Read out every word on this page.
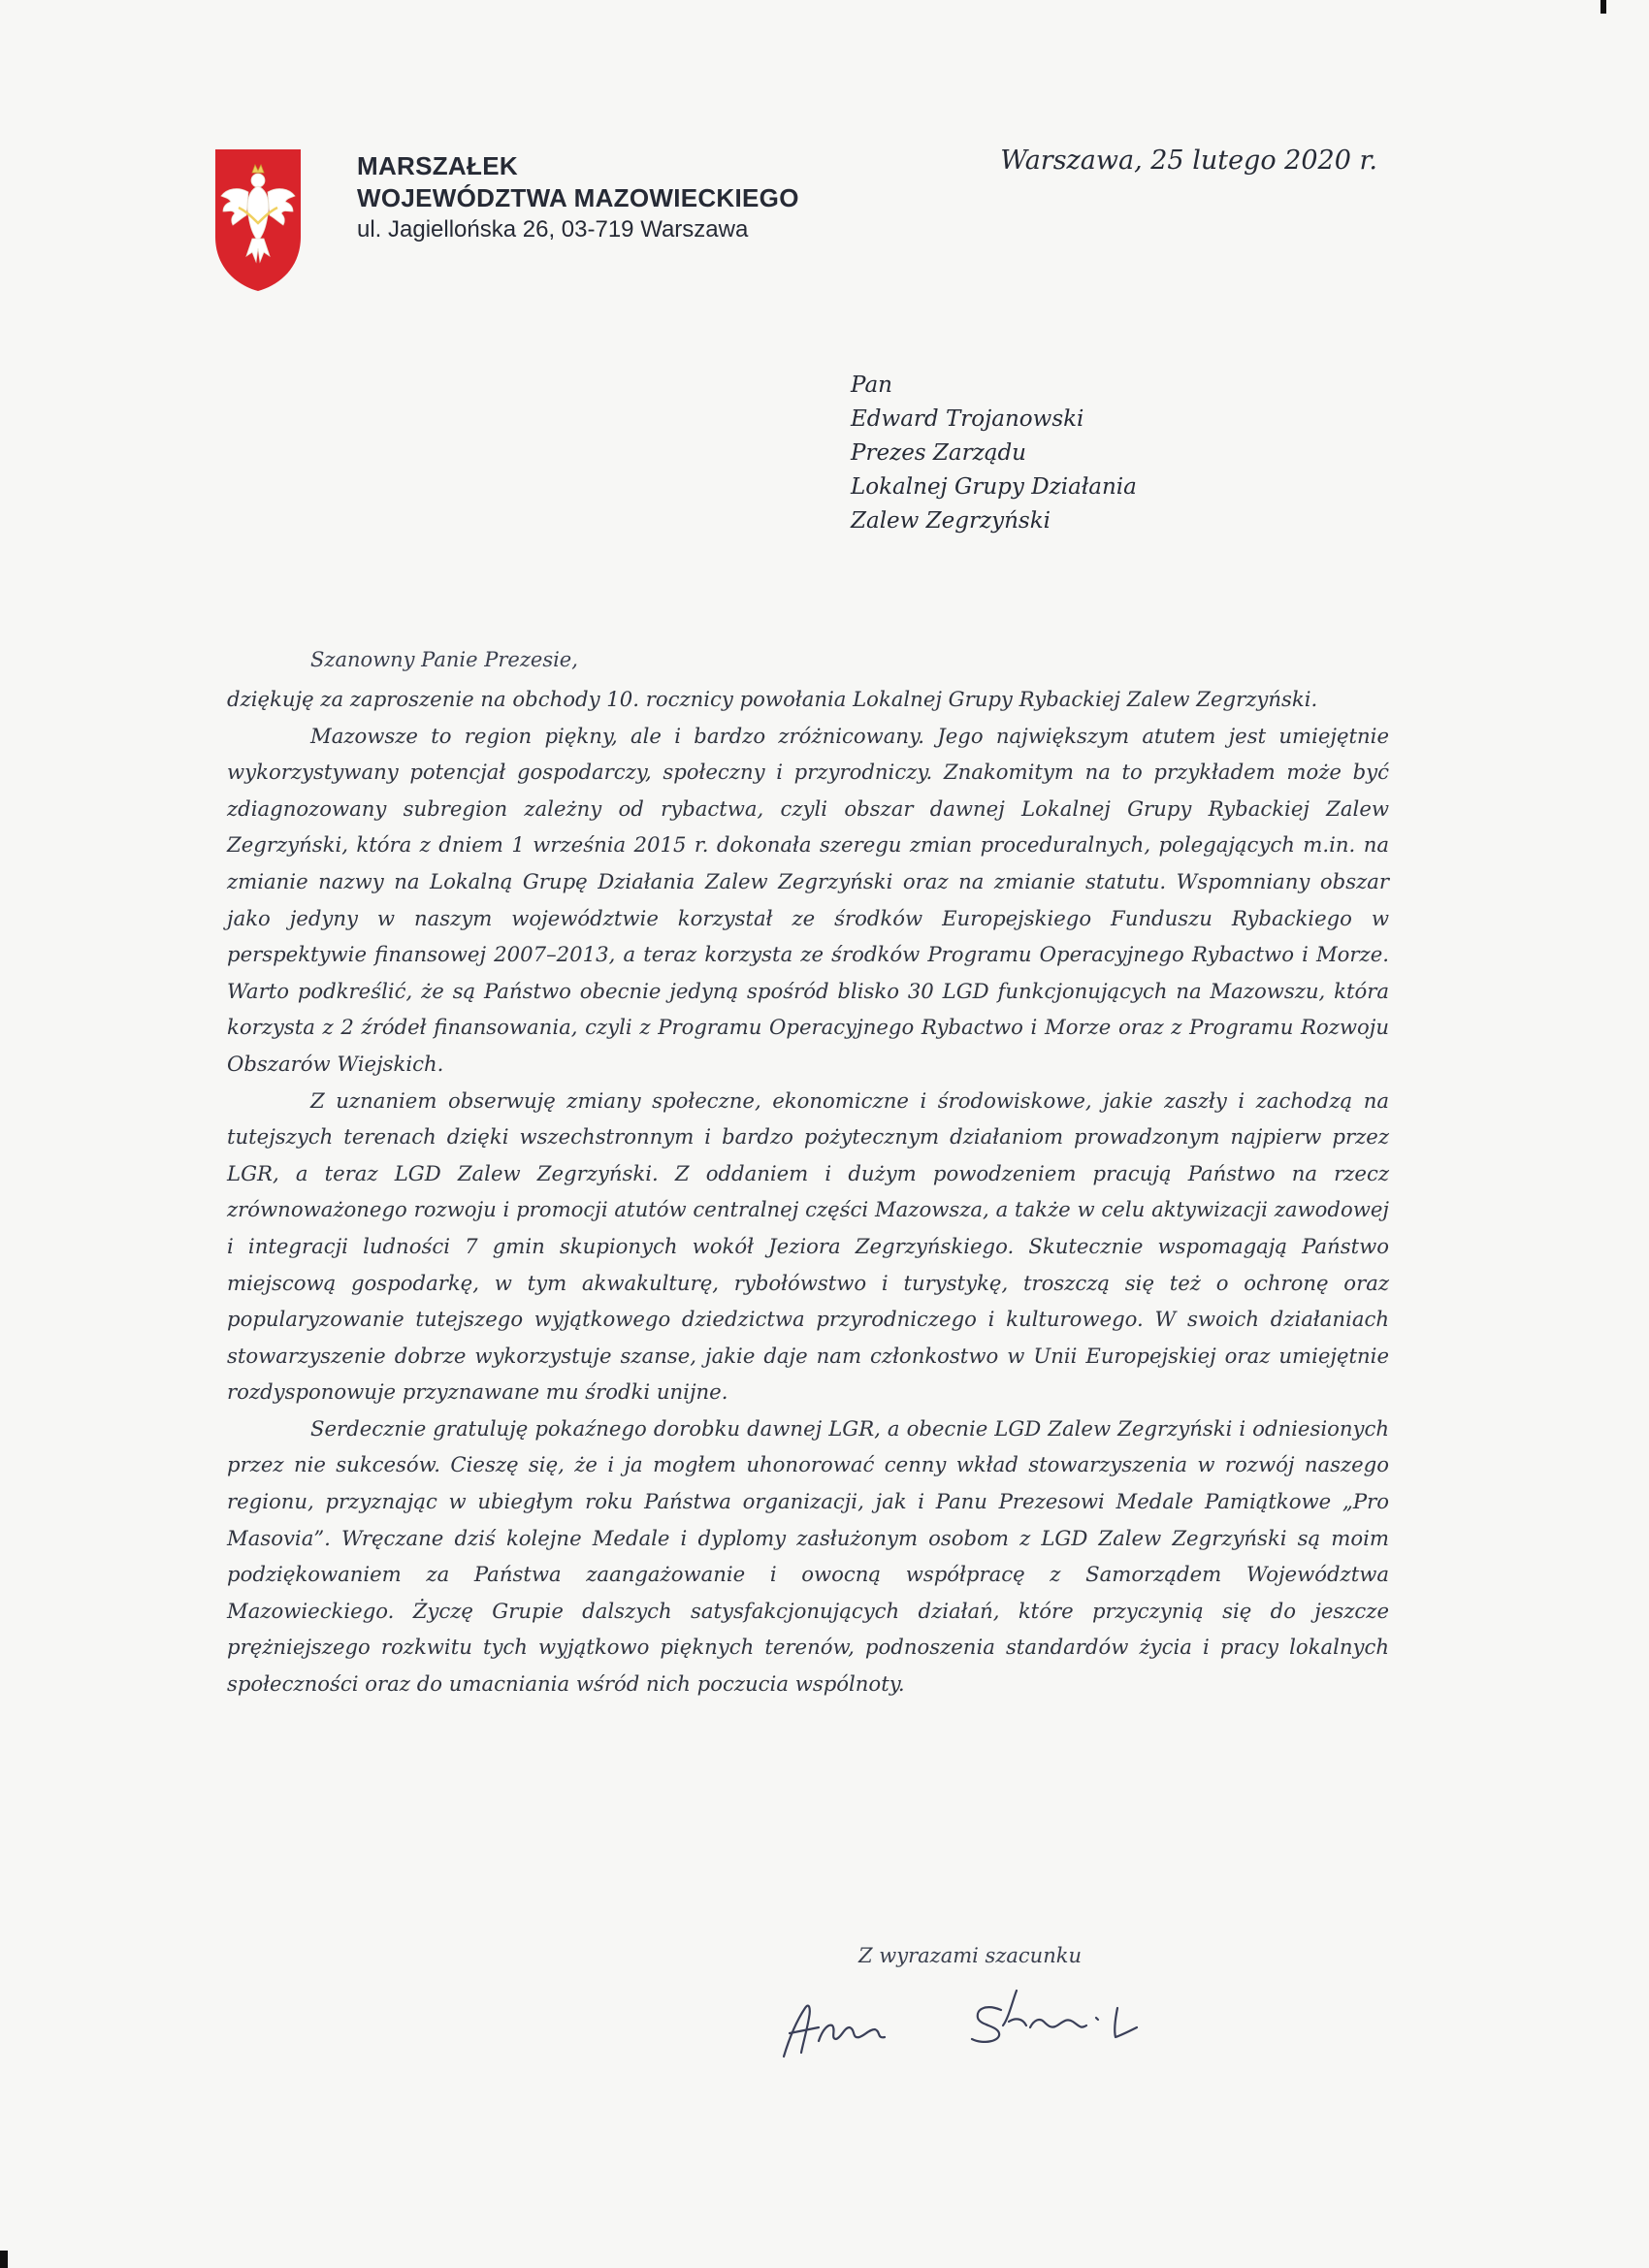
MARSZAŁEK
WOJEWÓDZTWA MAZOWIECKIEGO
ul. Jagiellońska 26, 03-719 Warszawa
Warszawa, 25 lutego 2020 r.
Pan
Edward Trojanowski
Prezes Zarządu
Lokalnej Grupy Działania
Zalew Zegrzyński
Szanowny Panie Prezesie,

dziękuję za zaproszenie na obchody 10. rocznicy powołania Lokalnej Grupy Rybackiej Zalew Zegrzyński.

Mazowsze to region piękny, ale i bardzo zróżnicowany. Jego największym atutem jest umiejętnie wykorzystywany potencjał gospodarczy, społeczny i przyrodniczy. Znakomitym na to przykładem może być zdiagnozowany subregion zależny od rybactwa, czyli obszar dawnej Lokalnej Grupy Rybackiej Zalew Zegrzyński, która z dniem 1 września 2015 r. dokonała szeregu zmian proceduralnych, polegających m.in. na zmianie nazwy na Lokalną Grupę Działania Zalew Zegrzyński oraz na zmianie statutu. Wspomniany obszar jako jedyny w naszym województwie korzystał ze środków Europejskiego Funduszu Rybackiego w perspektywie finansowej 2007–2013, a teraz korzysta ze środków Programu Operacyjnego Rybactwo i Morze. Warto podkreślić, że są Państwo obecnie jedyną spośród blisko 30 LGD funkcjonujących na Mazowszu, która korzysta z 2 źródeł finansowania, czyli z Programu Operacyjnego Rybactwo i Morze oraz z Programu Rozwoju Obszarów Wiejskich.

Z uznaniem obserwuję zmiany społeczne, ekonomiczne i środowiskowe, jakie zaszły i zachodzą na tutejszych terenach dzięki wszechstronnym i bardzo pożytecznym działaniom prowadzonym najpierw przez LGR, a teraz LGD Zalew Zegrzyński. Z oddaniem i dużym powodzeniem pracują Państwo na rzecz zrównoważonego rozwoju i promocji atutów centralnej części Mazowsza, a także w celu aktywizacji zawodowej i integracji ludności 7 gmin skupionych wokół Jeziora Zegrzyńskiego. Skutecznie wspomagają Państwo miejscową gospodarkę, w tym akwakulturę, rybołówstwo i turystykę, troszczą się też o ochronę oraz popularyzowanie tutejszego wyjątkowego dziedzictwa przyrodniczego i kulturowego. W swoich działaniach stowarzyszenie dobrze wykorzystuje szanse, jakie daje nam członkostwo w Unii Europejskiej oraz umiejętnie rozdysponowuje przyznawane mu środki unijne.

Serdecznie gratuluję pokaźnego dorobku dawnej LGR, a obecnie LGD Zalew Zegrzyński i odniesionych przez nie sukcesów. Cieszę się, że i ja mogłem uhonorować cenny wkład stowarzyszenia w rozwój naszego regionu, przyznając w ubiegłym roku Państwa organizacji, jak i Panu Prezesowi Medale Pamiątkowe „Pro Masovia”. Wręczane dziś kolejne Medale i dyplomy zasłużonym osobom z LGD Zalew Zegrzyński są moim podziękowaniem za Państwa zaangażowanie i owocną współpracę z Samorządem Województwa Mazowieckiego. Życzę Grupie dalszych satysfakcjonujących działań, które przyczynią się do jeszcze prężniejszego rozkwitu tych wyjątkowo pięknych terenów, podnoszenia standardów życia i pracy lokalnych społeczności oraz do umacniania wśród nich poczucia wspólnoty.

Z wyrazami szacunku
